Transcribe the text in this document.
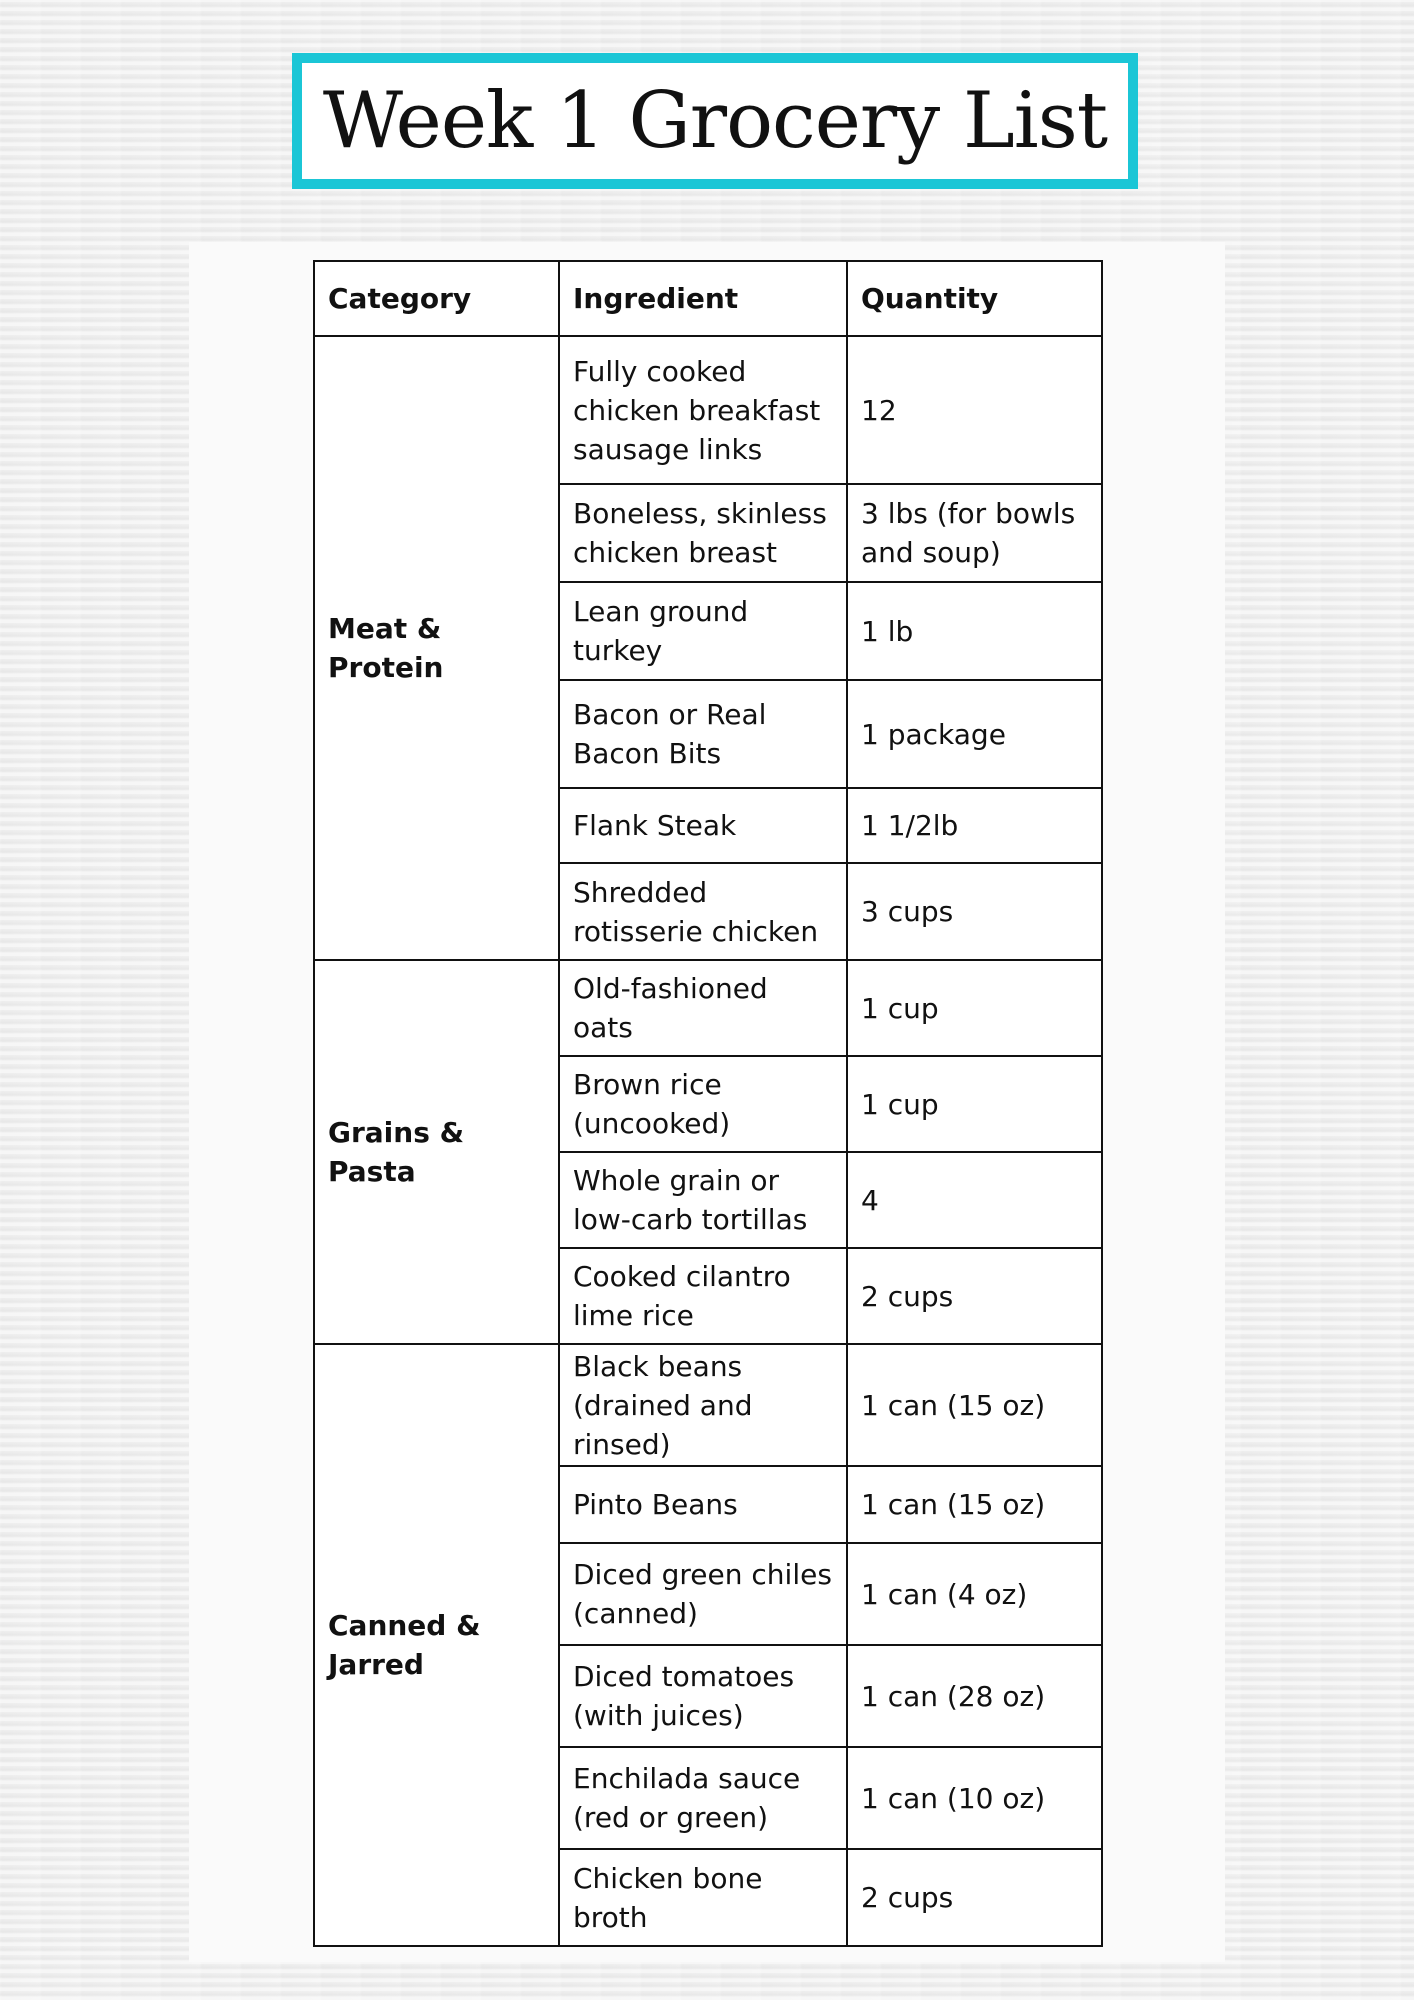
Week 1 Grocery List
Category	Ingredient	Quantity
Meat & Protein	Fully cooked chicken breakfast sausage links	12
	Boneless, skinless chicken breast	3 lbs (for bowls and soup)
	Lean ground turkey	1 lb
	Bacon or Real Bacon Bits	1 package
	Flank Steak	1 1/2lb
	Shredded rotisserie chicken	3 cups
Grains & Pasta	Old-fashioned oats	1 cup
	Brown rice (uncooked)	1 cup
	Whole grain or low-carb tortillas	4
	Cooked cilantro lime rice	2 cups
Canned & Jarred	Black beans (drained and rinsed)	1 can (15 oz)
	Pinto Beans	1 can (15 oz)
	Diced green chiles (canned)	1 can (4 oz)
	Diced tomatoes (with juices)	1 can (28 oz)
	Enchilada sauce (red or green)	1 can (10 oz)
	Chicken bone broth	2 cups
